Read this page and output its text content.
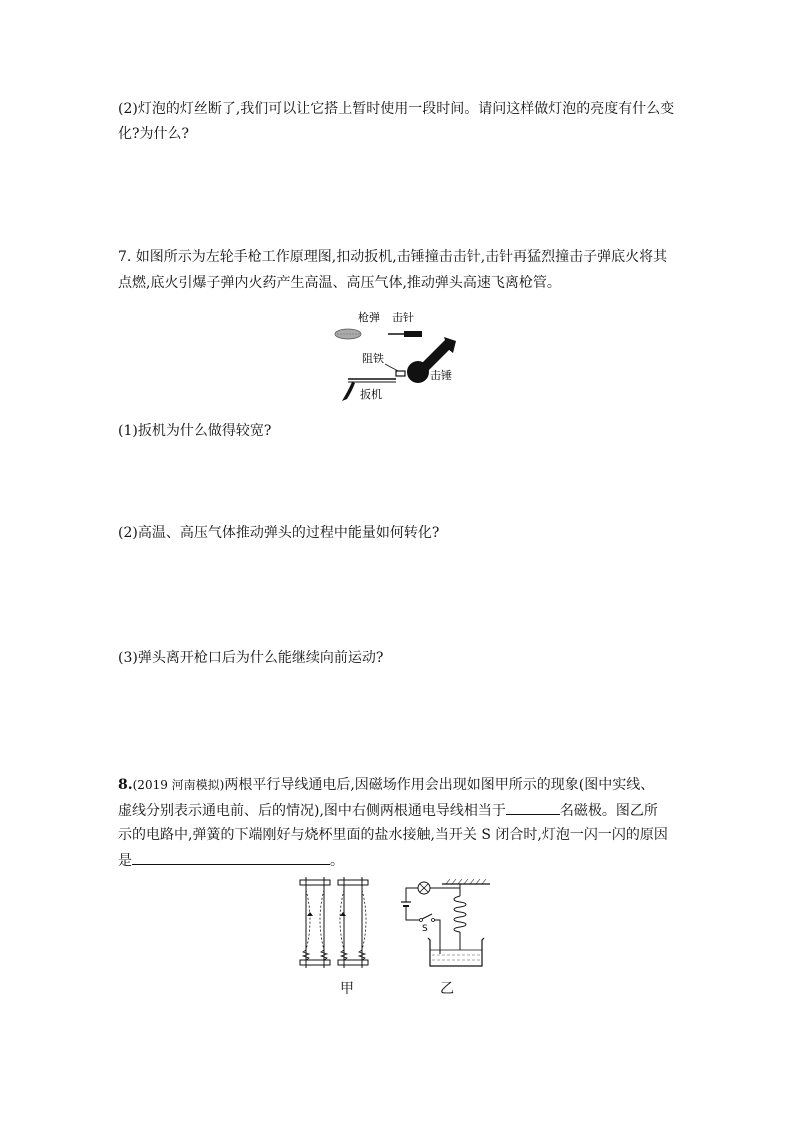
(2)灯泡的灯丝断了,我们可以让它搭上暂时使用一段时间。请问这样做灯泡的亮度有什么变
化?为什么?
7. 如图所示为左轮手枪工作原理图,扣动扳机,击锤撞击击针,击针再猛烈撞击子弹底火将其
点燃,底火引爆子弹内火药产生高温、高压气体,推动弹头高速飞离枪管。
枪弹 击针
阻铁
击锤
扳机
(1)扳机为什么做得较宽?
(2)高温、高压气体推动弹头的过程中能量如何转化?
(3)弹头离开枪口后为什么能继续向前运动?
8.(2019 河南模拟)两根平行导线通电后,因磁场作用会出现如图甲所示的现象(图中实线、
虚线分别表示通电前、后的情况),图中右侧两根通电导线相当于	名磁极。图乙所
示的电路中,弹簧的下端刚好与烧杯里面的盐水接触,当开关 S 闭合时,灯泡一闪一闪的原因
是	。
S
甲	乙
